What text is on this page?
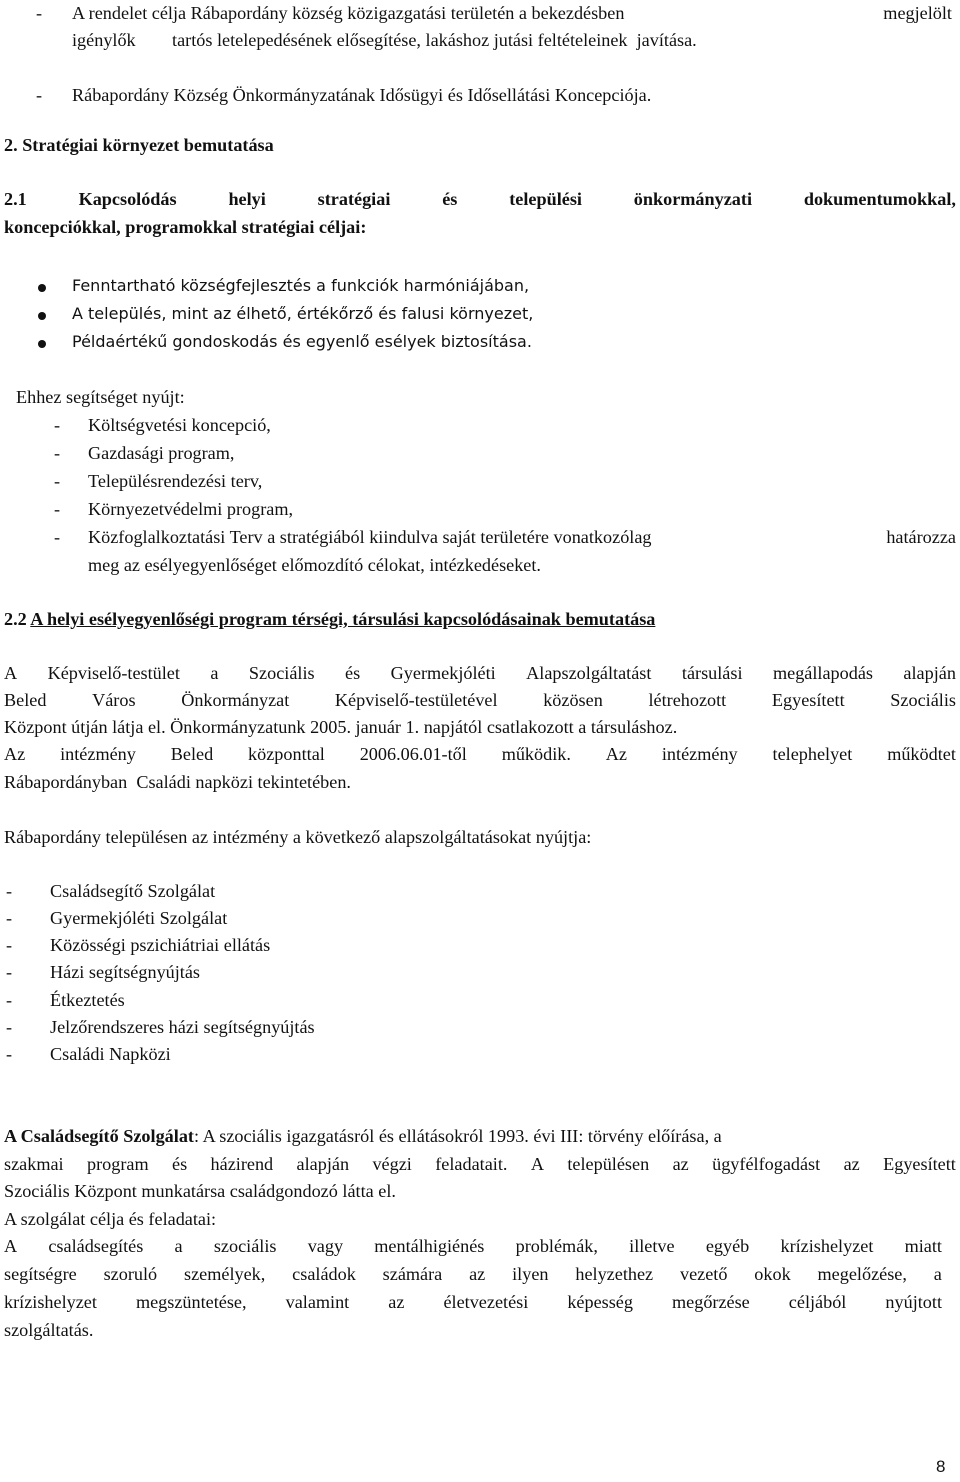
- A rendelet célja Rábapordány község közigazgatási területén a bekezdésben	megjelölt
igénylők        tartós letelepedésének elősegítése, lakáshoz jutási feltételeinek  javítása.
- Rábapordány Község Önkormányzatának Idősügyi és Idősellátási Koncepciója.
2. Stratégiai környezet bemutatása
2.1	Kapcsolódás	helyi	stratégiai	és	települési	önkormányzati	dokumentumokkal,
koncepciókkal, programokkal stratégiai céljai:
Fenntartható községfejlesztés a funkciók harmóniájában,
A település, mint az élhető, értékőrző és falusi környezet,
Példaértékű gondoskodás és egyenlő esélyek biztosítása.
Ehhez segítséget nyújt:
- Költségvetési koncepció,
- Gazdasági program,
- Településrendezési terv,
- Környezetvédelmi program,
- Közfoglalkoztatási Terv a stratégiából kiindulva saját területére vonatkozólag	határozza
meg az esélyegyenlőséget előmozdító célokat, intézkedéseket.
2.2 A helyi esélyegyenlőségi program térségi, társulási kapcsolódásainak bemutatása
A Képviselő-testület a Szociális és Gyermekjóléti Alapszolgáltatást társulási megállapodás alapján
Beled	Város	Önkormányzat	Képviselő-testületével	közösen	létrehozott	Egyesített	Szociális
Központ útján látja el. Önkormányzatunk 2005. január 1. napjától csatlakozott a társuláshoz.
Az intézmény Beled központtal 2006.06.01-től működik. Az intézmény telephelyet működtet
Rábapordányban  Családi napközi tekintetében.
Rábapordány településen az intézmény a következő alapszolgáltatásokat nyújtja:
- Családsegítő Szolgálat
- Gyermekjóléti Szolgálat
- Közösségi pszichiátriai ellátás
- Házi segítségnyújtás
- Étkeztetés
- Jelzőrendszeres házi segítségnyújtás
- Családi Napközi
A Családsegítő Szolgálat: A szociális igazgatásról és ellátásokról 1993. évi III: törvény előírása, a
szakmai program és házirend alapján végzi feladatait. A településen az ügyfélfogadást az Egyesített
Szociális Központ munkatársa családgondozó látta el.
A szolgálat célja és feladatai:
A családsegítés a szociális vagy mentálhigiénés problémák, illetve egyéb krízishelyzet miatt
segítségre szoruló személyek, családok számára az ilyen helyzethez vezető okok megelőzése, a
krízishelyzet megszüntetése, valamint az életvezetési képesség megőrzése céljából nyújtott
szolgáltatás.
8
